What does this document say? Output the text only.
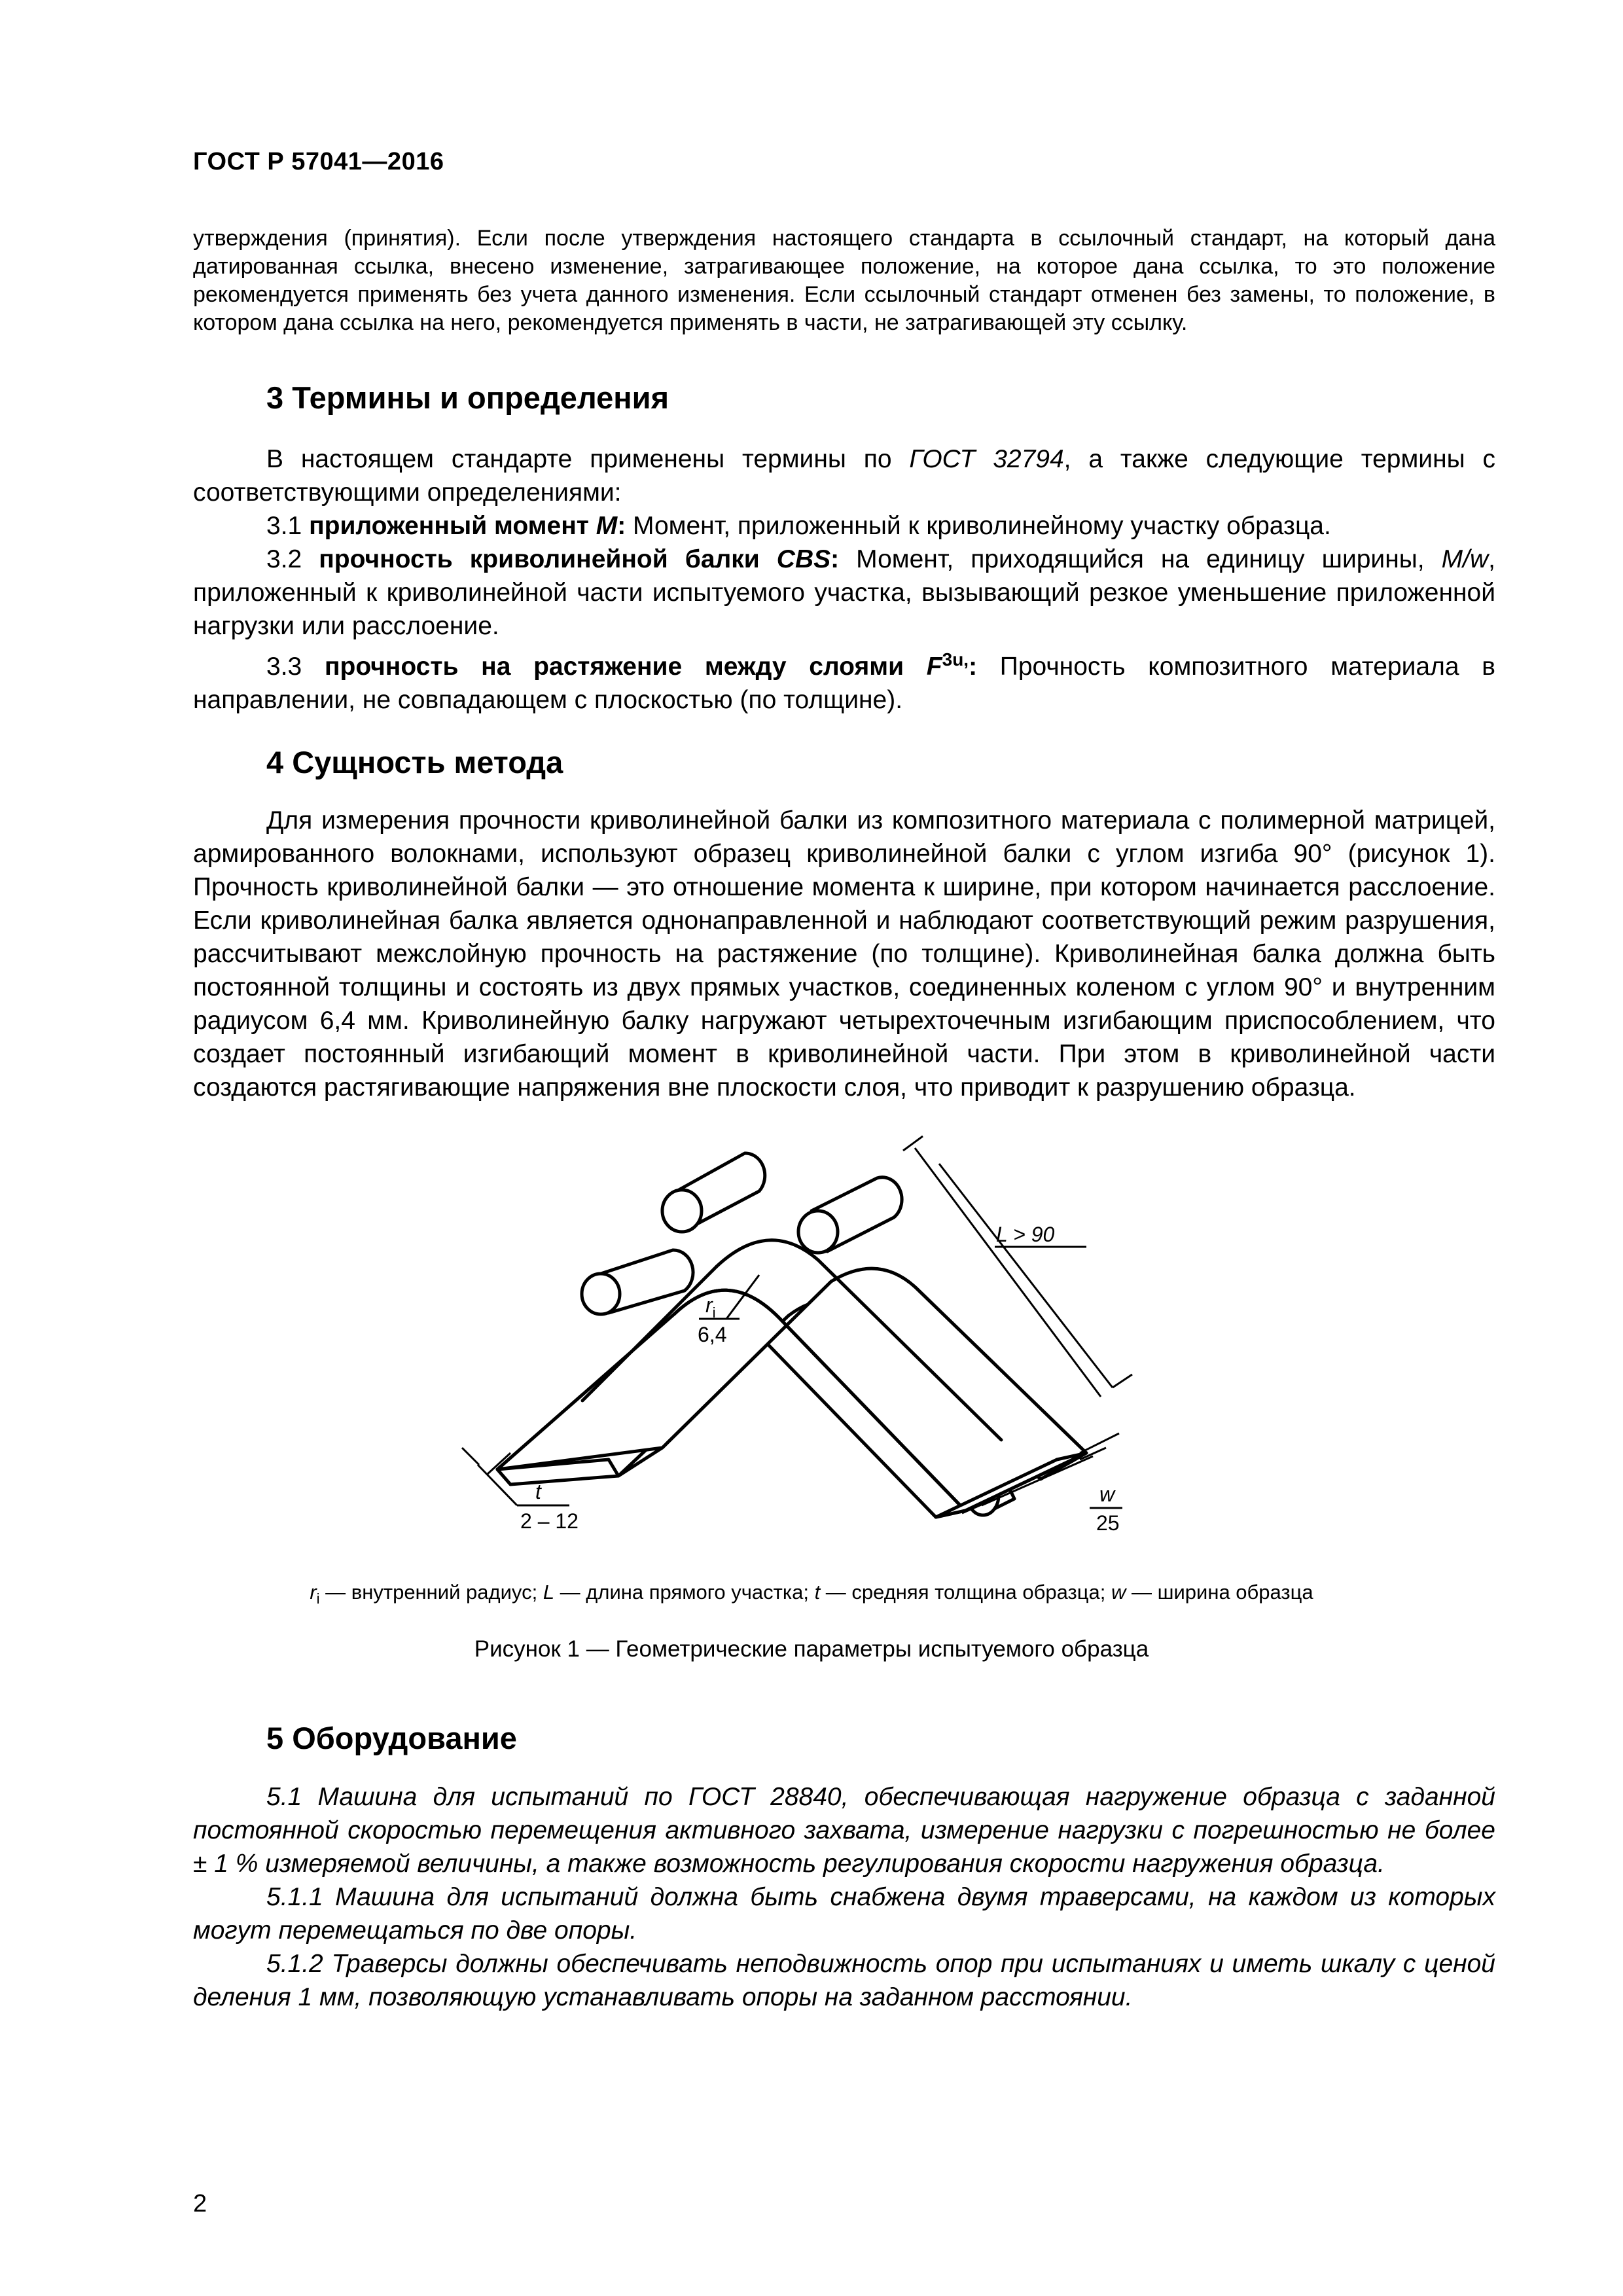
ГОСТ Р 57041—2016

утверждения (принятия). Если после утверждения настоящего стандарта в ссылочный стандарт, на который дана датированная ссылка, внесено изменение, затрагивающее положение, на которое дана ссылка, то это положение рекомендуется применять без учета данного изменения. Если ссылочный стандарт отменен без замены, то положение, в котором дана ссылка на него, рекомендуется применять в части, не затрагивающей эту ссылку.

3 Термины и определения
В настоящем стандарте применены термины по ГОСТ 32794, а также следующие термины с соответствующими определениями:
3.1 приложенный момент M: Момент, приложенный к криволинейному участку образца.
3.2 прочность криволинейной балки CBS: Момент, приходящийся на единицу ширины, M/w, приложенный к криволинейной части испытуемого участка, вызывающий резкое уменьшение приложенной нагрузки или расслоение.
3.3 прочность на растяжение между слоями $F^{3u,}$: Прочность композитного материала в направлении, не совпадающем с плоскостью (по толщине).
4 Сущность метода

Для измерения прочности криволинейной балки из композитного материала с полимерной матрицей, армированного волокнами, используют образец криволинейной балки с углом изгиба 90° (рисунок 1). Прочность криволинейной балки — это отношение момента к ширине, при котором начинается расслоение. Если криволинейная балка является однонаправленной и наблюдают соответствующий режим разрушения, рассчитывают межслойную прочность на растяжение (по толщине). Криволинейная балка должна быть постоянной толщины и состоять из двух прямых участков, соединенных коленом с углом 90° и внутренним радиусом 6,4 мм. Криволинейную балку нагружают четырехточечным изгибающим приспособлением, что создает постоянный изгибающий момент в криволинейной части. При этом в криволинейной части создаются растягивающие напряжения вне плоскости слоя, что приводит к разрушению образца.

L > 90
$r_i$
6,4
t
2 – 12
w
25
$r_i$ — внутренний радиус; L — длина прямого участка; t — средняя толщина образца; w — ширина образца
Рисунок 1 — Геометрические параметры испытуемого образца
5 Оборудование
5.1 Машина для испытаний по ГОСТ 28840, обеспечивающая нагружение образца с заданной постоянной скоростью перемещения активного захвата, измерение нагрузки с погрешностью не более ± 1 % измеряемой величины, а также возможность регулирования скорости нагружения образца.
5.1.1 Машина для испытаний должна быть снабжена двумя траверсами, на каждом из которых могут перемещаться по две опоры.
5.1.2 Траверсы должны обеспечивать неподвижность опор при испытаниях и иметь шкалу с ценой деления 1 мм, позволяющую устанавливать опоры на заданном расстоянии.
2
